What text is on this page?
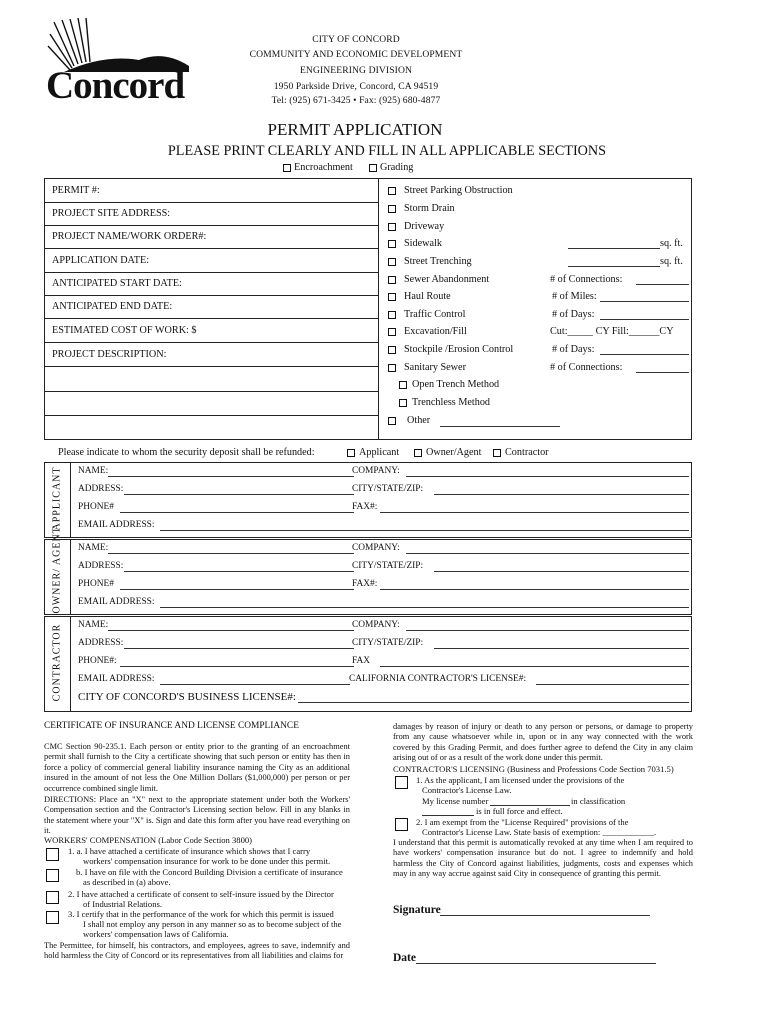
Concord
CITY OF CONCORD
COMMUNITY AND ECONOMIC DEVELOPMENT
ENGINEERING DIVISION
1950 Parkside Drive, Concord, CA 94519
Tel: (925) 671-3425 • Fax: (925) 680-4877
PERMIT APPLICATION
PLEASE PRINT CLEARLY AND FILL IN ALL APPLICABLE SECTIONS
Encroachment	Grading
PERMIT #:
PROJECT SITE ADDRESS:
PROJECT NAME/WORK ORDER#:
APPLICATION DATE:
ANTICIPATED START DATE:
ANTICIPATED END DATE:
ESTIMATED COST OF WORK: $
PROJECT DESCRIPTION:
Street Parking Obstruction
Storm Drain
Driveway
Sidewalk	sq. ft.
Street Trenching	sq. ft.
Sewer Abandonment	# of Connections:
Haul Route	# of Miles:
Traffic Control	# of Days:
Excavation/Fill	Cut:_____ CY Fill:______CY
Stockpile /Erosion Control	# of Days:
Sanitary Sewer	# of Connections:
Open Trench Method
Trenchless Method
Other
Please indicate to whom the security deposit shall be refunded:	Applicant	Owner/Agent Contractor
APPLICANT NAME:	COMPANY:
ADDRESS:	CITY/STATE/ZIP:
PHONE#	FAX#:
EMAIL ADDRESS:
OWNER/ AGENT NAME:	COMPANY:
ADDRESS:	CITY/STATE/ZIP:
PHONE#	FAX#:
EMAIL ADDRESS:
CONTRACTOR NAME:	COMPANY:
ADDRESS:	CITY/STATE/ZIP:
PHONE#:	FAX
EMAIL ADDRESS:	CALIFORNIA CONTRACTOR'S LICENSE#:
CITY OF CONCORD'S BUSINESS LICENSE#:
CERTIFICATE OF INSURANCE AND LICENSE COMPLIANCE
CMC Section 90-235.1. Each person or entity prior to the granting of an encroachment permit shall furnish to the City a certificate showing that such person or entity has then in force a policy of commercial general liability insurance naming the City as an additional insured in the amount of not less the One Million Dollars ($1,000,000) per person or per occurrence combined single limit.
DIRECTIONS: Place an "X" next to the appropriate statement under both the Workers' Compensation section and the Contractor's Licensing section below. Fill in any blanks in the statement where your "X" is. Sign and date this form after you have read everything on it.
WORKERS' COMPENSATION (Labor Code Section 3800)
1. a. I have attached a certificate of insurance which shows that I carry
workers' compensation insurance for work to be done under this permit.
b. I have on file with the Concord Building Division a certificate of insurance
as described in (a) above.
2. I have attached a certificate of consent to self-insure issued by the Director
of Industrial Relations.
3. I certify that in the performance of the work for which this permit is issued
I shall not employ any person in any manner so as to become subject of the
workers' compensation laws of California.
The Permittee, for himself, his contractors, and employees, agrees to save, indemnify and hold harmless the City of Concord or its representatives from all liabilities and claims for
damages by reason of injury or death to any person or persons, or damage to property from any cause whatsoever while in, upon or in any way connected with the work covered by this Grading Permit, and does further agree to defend the City in any claim arising out of or as a result of the work done under this permit.
CONTRACTOR'S LICENSING (Business and Professions Code Section 7031.5)
1. As the applicant, I am licensed under the provisions of the
Contractor's License Law.
My license number	in classification
is in full force and effect.
2. I am exempt from the "License Required" provisions of the
Contractor's License Law. State basis of exemption: ____________.
I understand that this permit is automatically revoked at any time when I am required to have workers' compensation insurance but do not. I agree to indemnify and hold harmless the City of Concord against liabilities, judgments, costs and expenses which may in any way accrue against said City in consequence of granting this permit.
Signature
Date
